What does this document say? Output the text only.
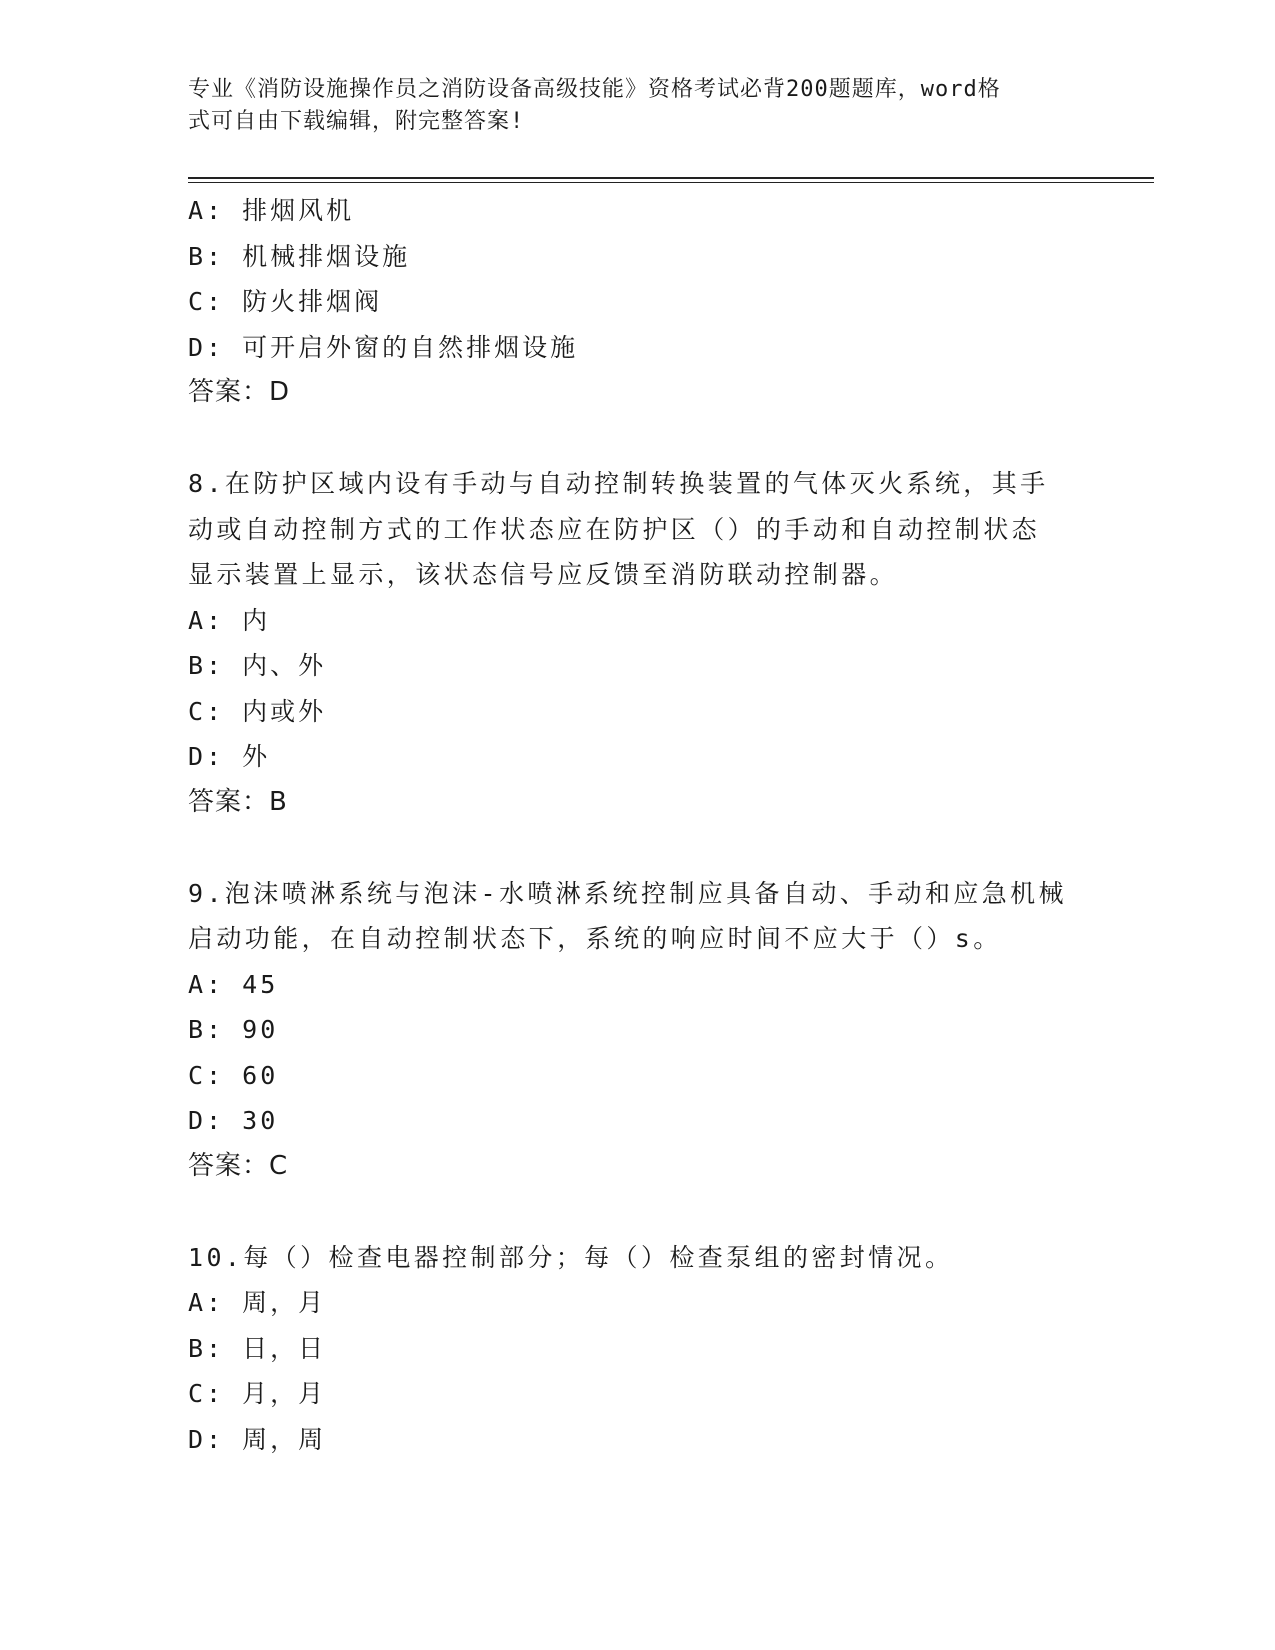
专业《消防设施操作员之消防设备高级技能》资格考试必背200题题库，word格
式可自由下载编辑，附完整答案!
A: 排烟风机
B: 机械排烟设施
C: 防火排烟阀
D: 可开启外窗的自然排烟设施
答案：D
8.在防护区域内设有手动与自动控制转换装置的气体灭火系统，其手
动或自动控制方式的工作状态应在防护区（）的手动和自动控制状态
显示装置上显示，该状态信号应反馈至消防联动控制器。
A: 内
B: 内、外
C: 内或外
D: 外
答案：B
9.泡沫喷淋系统与泡沫-水喷淋系统控制应具备自动、手动和应急机械
启动功能，在自动控制状态下，系统的响应时间不应大于（）s。
A: 45
B: 90
C: 60
D: 30
答案：C
10.每（）检查电器控制部分；每（）检查泵组的密封情况。
A: 周，月
B: 日，日
C: 月，月
D: 周，周
